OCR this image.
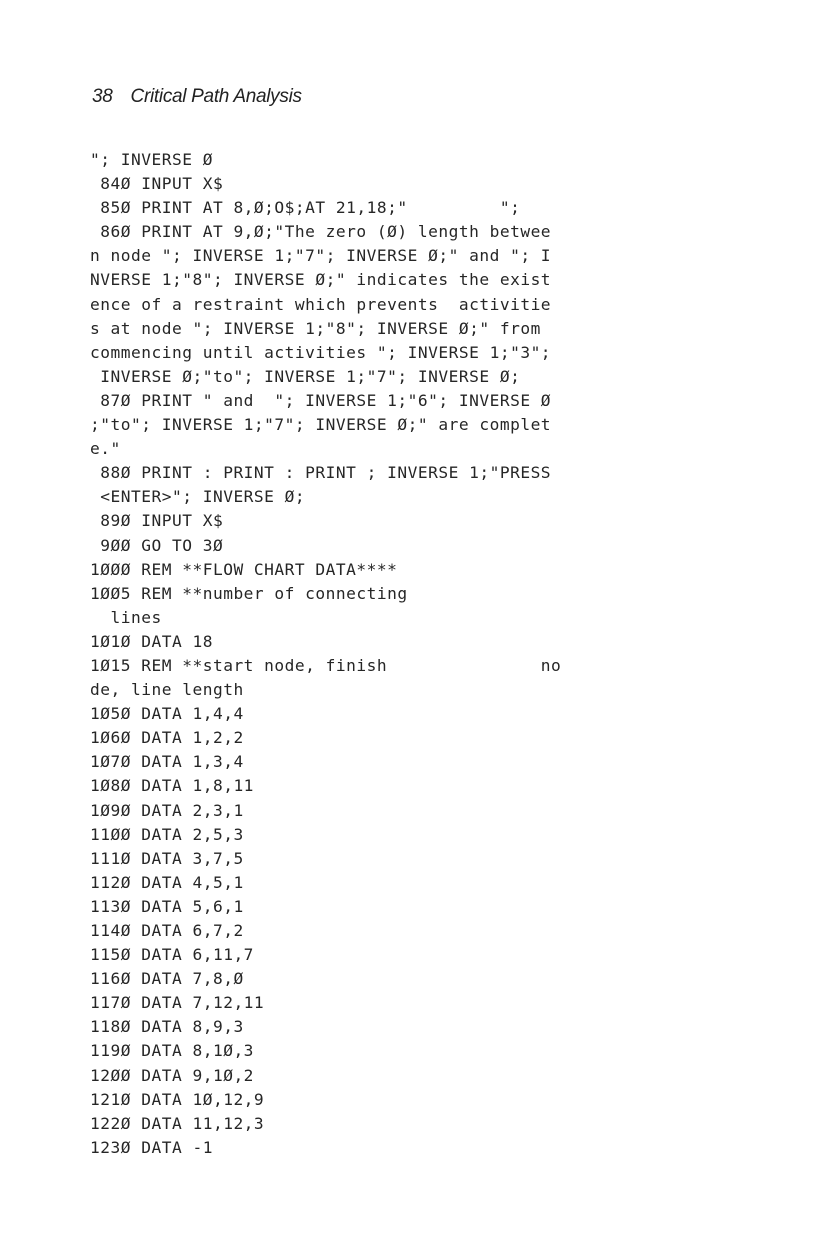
38 Critical Path Analysis
"; INVERSE Ø
84Ø INPUT X$
85Ø PRINT AT 8,Ø;O$;AT 21,18;"         ";
86Ø PRINT AT 9,Ø;"The zero (Ø) length betwee
n node "; INVERSE 1;"7"; INVERSE Ø;" and "; I
NVERSE 1;"8"; INVERSE Ø;" indicates the exist
ence of a restraint which prevents  activitie
s at node "; INVERSE 1;"8"; INVERSE Ø;" from
commencing until activities "; INVERSE 1;"3";
INVERSE Ø;"to"; INVERSE 1;"7"; INVERSE Ø;
87Ø PRINT " and  "; INVERSE 1;"6"; INVERSE Ø
;"to"; INVERSE 1;"7"; INVERSE Ø;" are complet
e."
88Ø PRINT : PRINT : PRINT ; INVERSE 1;"PRESS
<ENTER>"; INVERSE Ø;
89Ø INPUT X$
9ØØ GO TO 3Ø
1ØØØ REM **FLOW CHART DATA****
1ØØ5 REM **number of connecting
lines
1Ø1Ø DATA 18
1Ø15 REM **start node, finish               no
de, line length
1Ø5Ø DATA 1,4,4
1Ø6Ø DATA 1,2,2
1Ø7Ø DATA 1,3,4
1Ø8Ø DATA 1,8,11
1Ø9Ø DATA 2,3,1
11ØØ DATA 2,5,3
111Ø DATA 3,7,5
112Ø DATA 4,5,1
113Ø DATA 5,6,1
114Ø DATA 6,7,2
115Ø DATA 6,11,7
116Ø DATA 7,8,Ø
117Ø DATA 7,12,11
118Ø DATA 8,9,3
119Ø DATA 8,1Ø,3
12ØØ DATA 9,1Ø,2
121Ø DATA 1Ø,12,9
122Ø DATA 11,12,3
123Ø DATA -1
